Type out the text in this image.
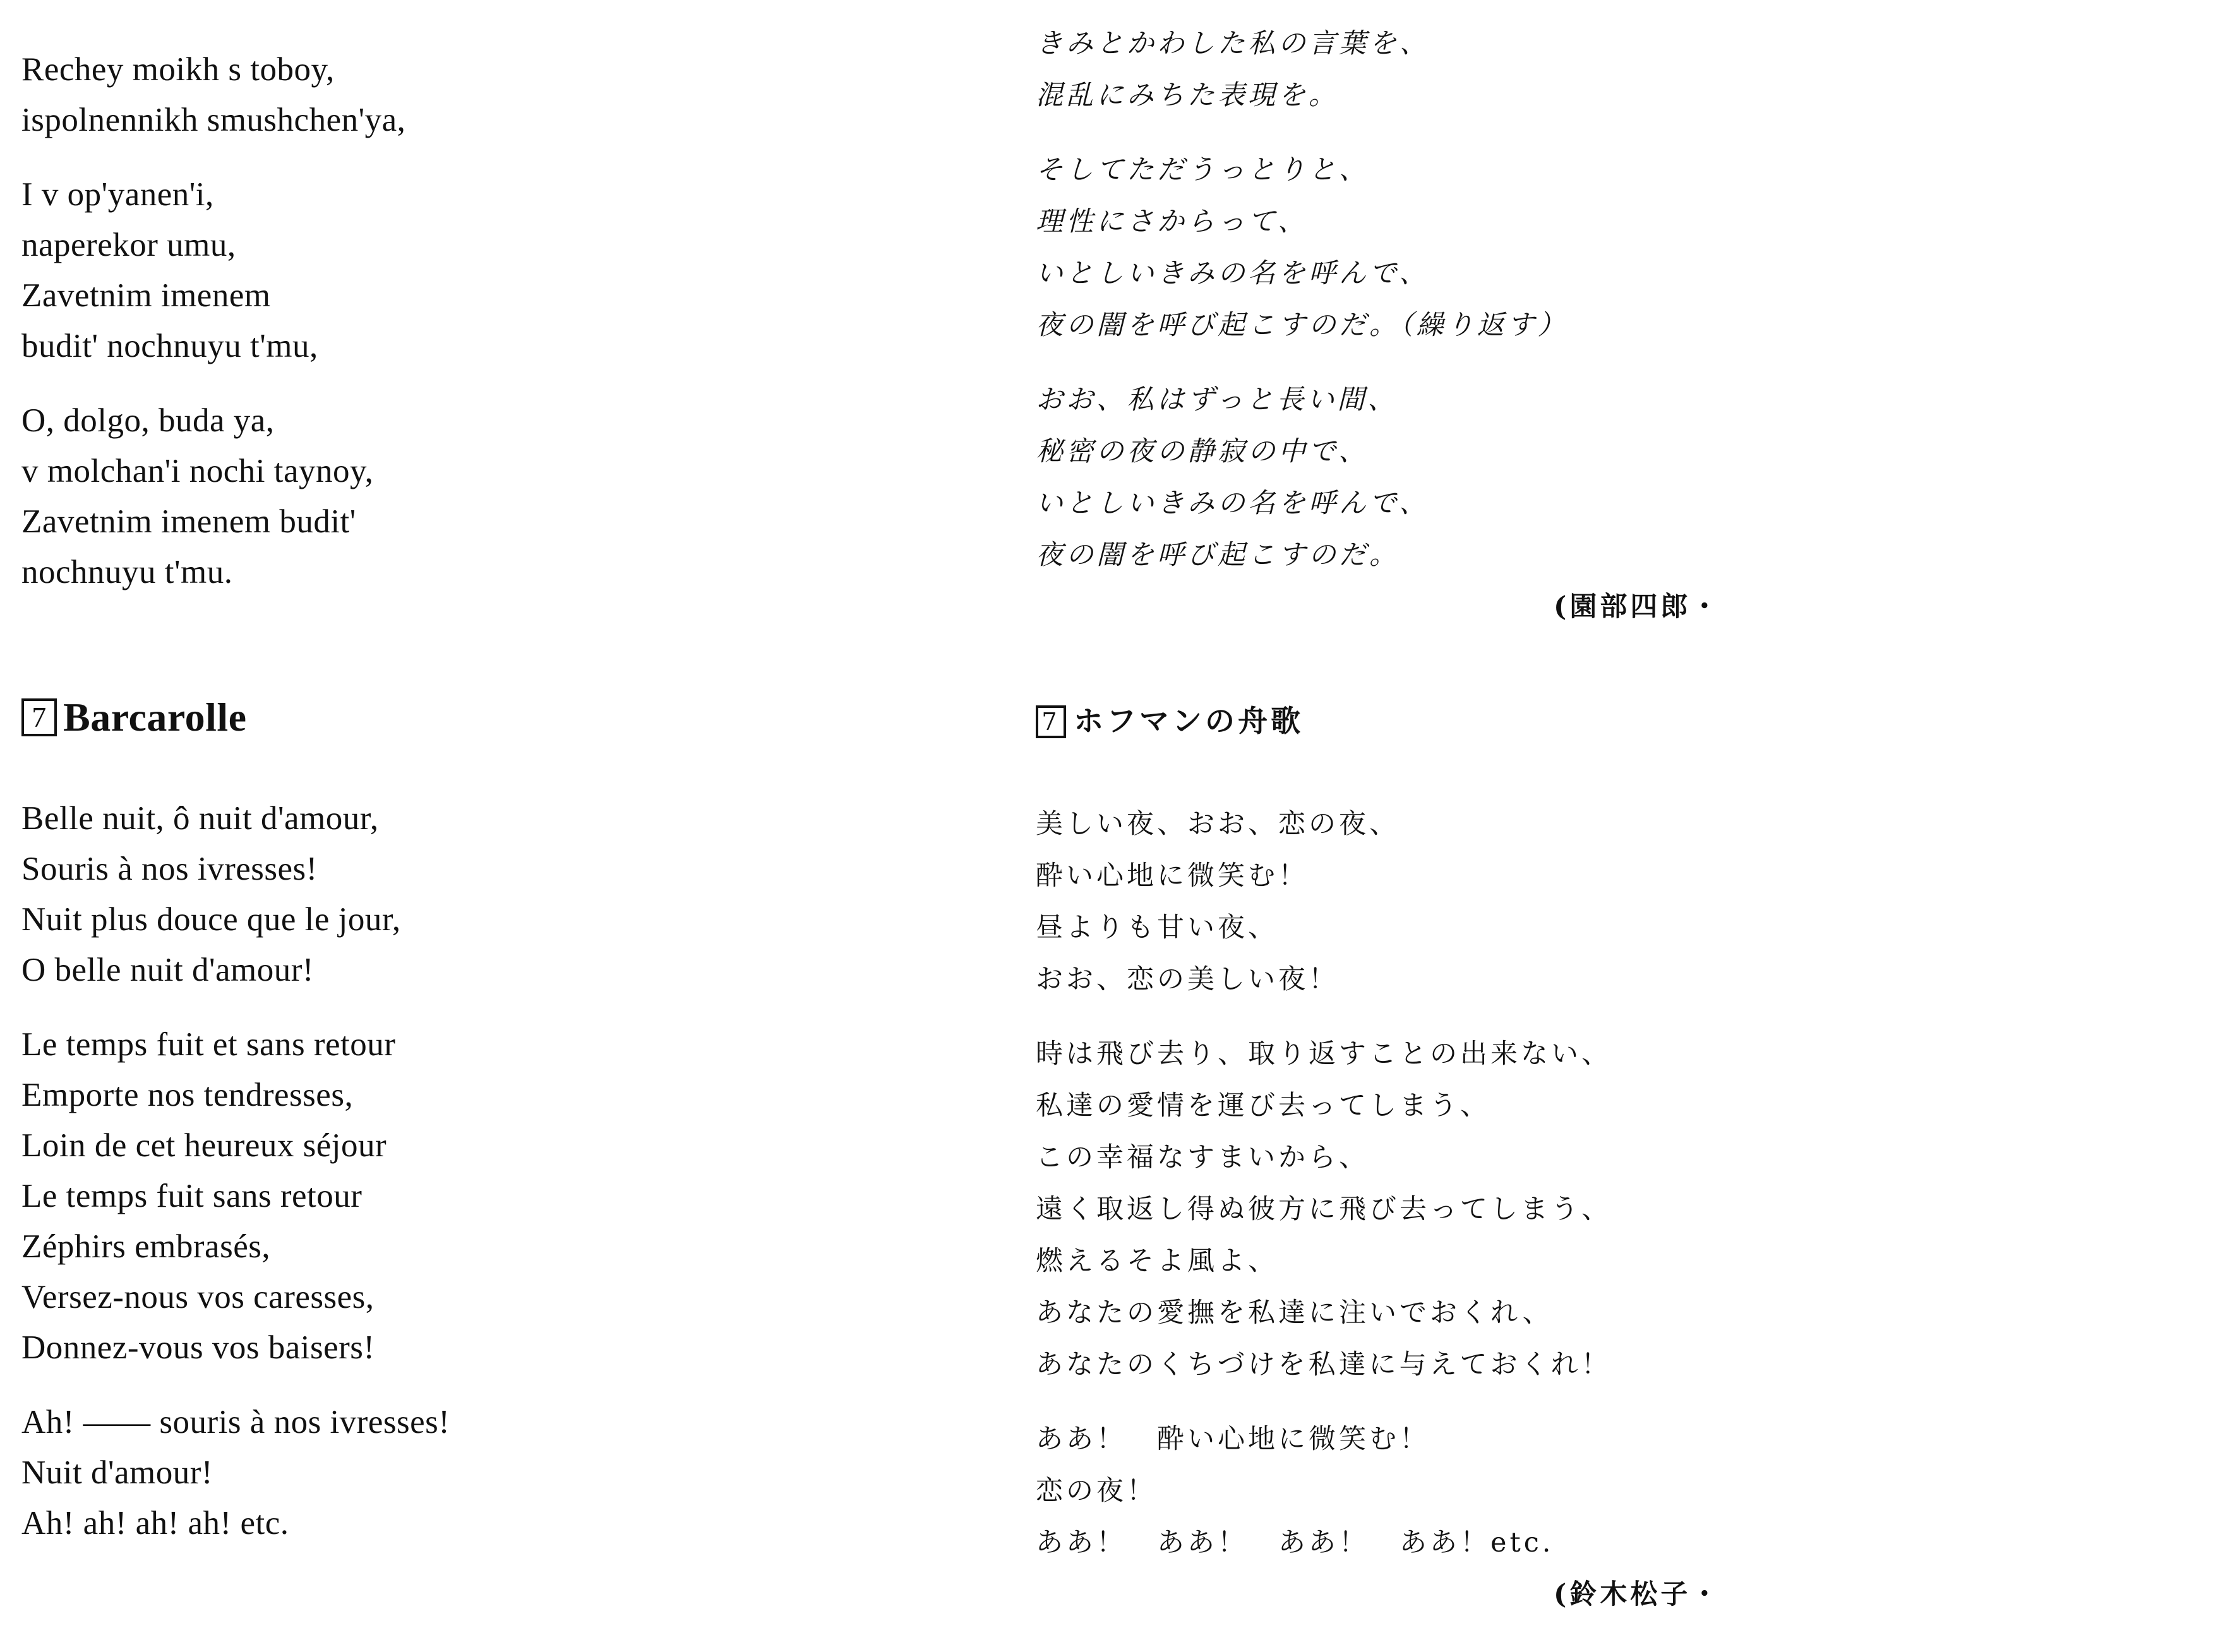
Rechey moikh s toboy,
ispolnennikh smushchen'ya,
I v op'yanen'i,
naperekor umu,
Zavetnim imenem
budit' nochnuyu t'mu,
O, dolgo, buda ya,
v molchan'i nochi taynoy,
Zavetnim imenem budit'
nochnuyu t'mu.
7 Barcarolle
Belle nuit, ô nuit d'amour,
Souris à nos ivresses!
Nuit plus douce que le jour,
O belle nuit d'amour!
Le temps fuit et sans retour
Emporte nos tendresses,
Loin de cet heureux séjour
Le temps fuit sans retour
Zéphirs embrasés,
Versez-nous vos caresses,
Donnez-vous vos baisers!
Ah! —— souris à nos ivresses!
Nuit d'amour!
Ah! ah! ah! ah! etc.
きみとかわした私の言葉を、
混乱にみちた表現を。
そしてただうっとりと、
理性にさからって、
いとしいきみの名を呼んで、
夜の闇を呼び起こすのだ。（繰り返す）
おお、私はずっと長い間、
秘密の夜の静寂の中で、
いとしいきみの名を呼んで、
夜の闇を呼び起こすのだ。
(園部四郎・
7 ホフマンの舟歌
美しい夜、おお、恋の夜、
酔い心地に微笑む！
昼よりも甘い夜、
おお、恋の美しい夜！
時は飛び去り、取り返すことの出来ない、
私達の愛情を運び去ってしまう、
この幸福なすまいから、
遠く取返し得ぬ彼方に飛び去ってしまう、
燃えるそよ風よ、
あなたの愛撫を私達に注いでおくれ、
あなたのくちづけを私達に与えておくれ！
ああ！　酔い心地に微笑む！
恋の夜！
ああ！　ああ！　ああ！　ああ！etc.
(鈴木松子・
